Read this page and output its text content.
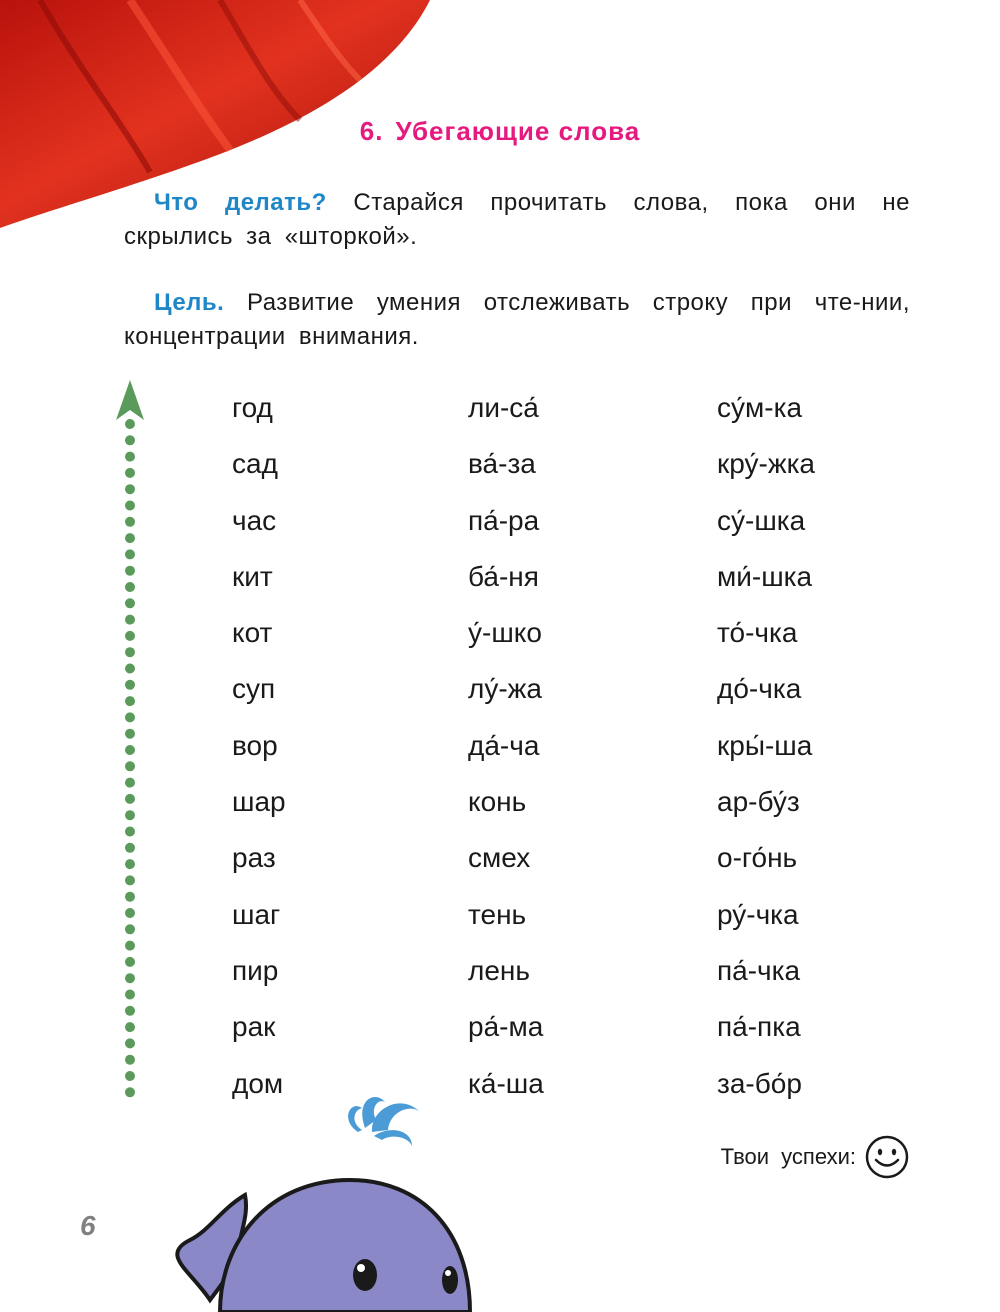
6. Убегающие слова
Что делать? Старайся прочитать слова, пока они не скрылись за «шторкой».
Цель. Развитие умения отслеживать строку при чте-нии, концентрации внимания.
год
сад
час
кит
кот
суп
вор
шар
раз
шаг
пир
рак
дом
ли-са́
ва́-за
па́-ра
ба́-ня
у́-шко
лу́-жа
да́-ча
конь
смех
тень
лень
ра́-ма
ка́-ша
су́м-ка
кру́-жка
су́-шка
ми́-шка
то́-чка
до́-чка
кры́-ша
ар-бу́з
о-го́нь
ру́-чка
па́-чка
па́-пка
за-бо́р
Твои успехи:
6
